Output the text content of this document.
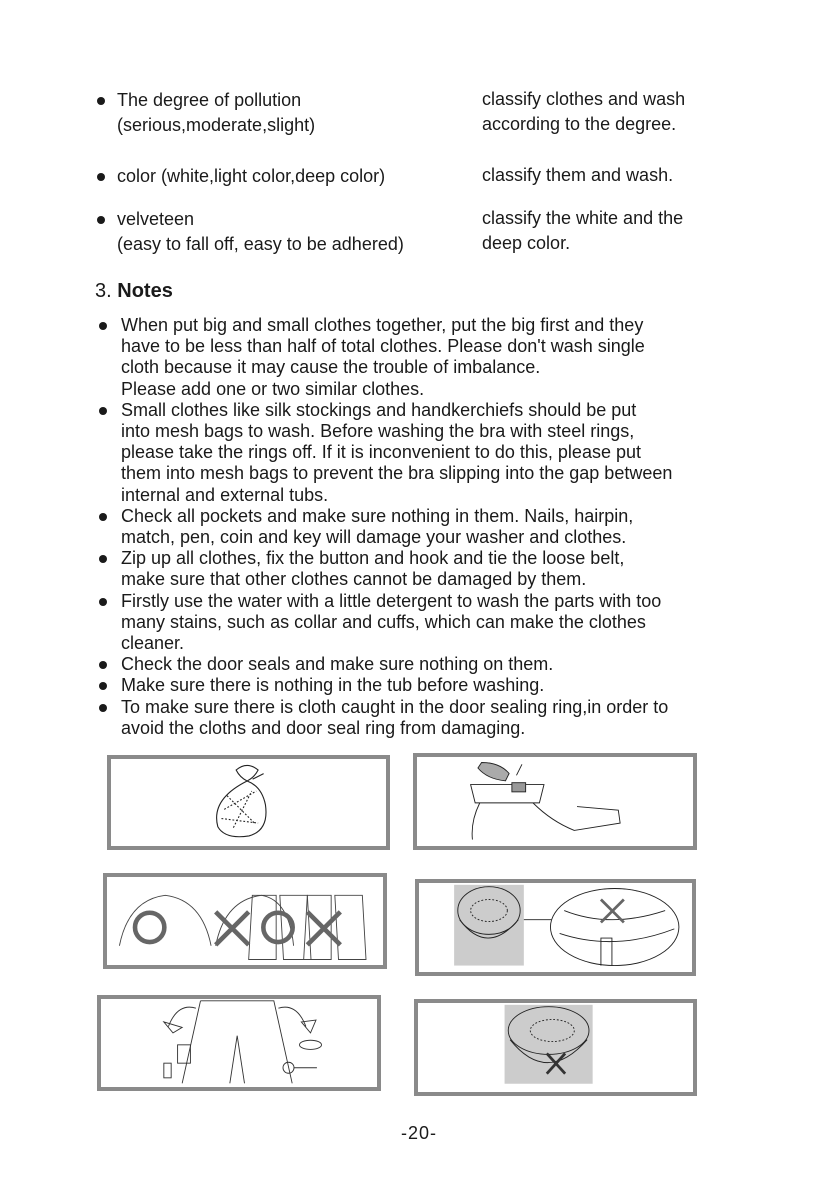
The degree of pollution
(serious,moderate,slight)
classify clothes and wash
according to the degree.
color (white,light color,deep color)	classify them and wash.
velveteen
(easy to fall off, easy to be adhered)
classify the white and the
deep color.
3. Notes
When put big and small clothes together, put the big first and they
have to be less than half of total clothes. Please don't wash single
cloth because it may cause the trouble of imbalance.
Please add one or two similar clothes.
Small clothes like silk stockings and handkerchiefs should be put
into mesh bags to wash. Before washing the bra with steel rings,
please take the rings off. If it is inconvenient to do this, please put
them into mesh bags to prevent the bra slipping into the gap between
internal and external tubs.
Check all pockets and make sure nothing in them. Nails, hairpin,
match, pen, coin and key will damage your washer and clothes.
Zip up all clothes, fix the button and hook and tie the loose belt,
make sure that other clothes cannot be damaged by them.
Firstly use the water with a little detergent to wash the parts with too
many stains, such as collar and cuffs, which can make the clothes
cleaner.
Check the door seals and make sure nothing on them.
Make sure there is nothing in the tub before washing.
To make sure there is cloth caught in the door sealing ring,in order to
avoid the cloths and door seal ring from damaging.
-20-
